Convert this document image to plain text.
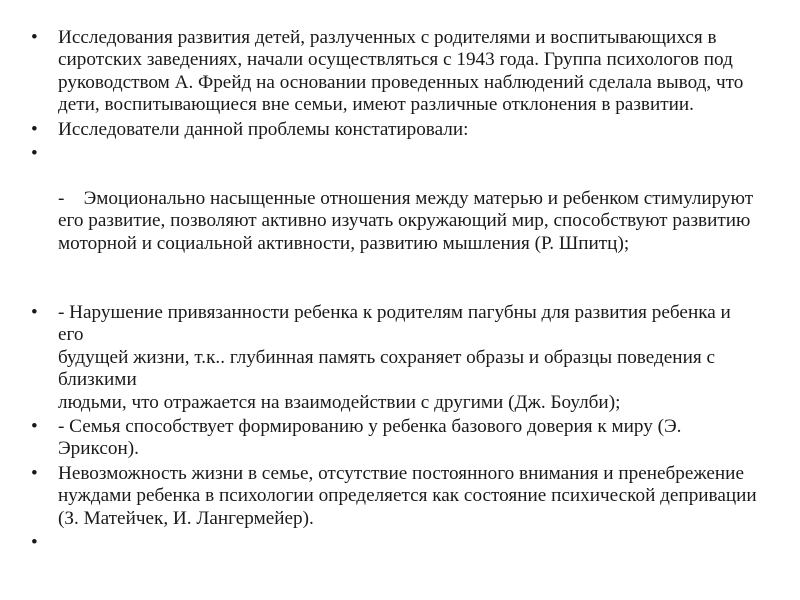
•	Исследования развития детей, разлученных с родителями и воспитывающихся в сиротских заведениях, начали осуществляться с 1943 года. Группа психологов под руководством А. Фрейд на основании проведенных наблюдений сделала вывод, что дети, воспитывающиеся вне семьи, имеют различные отклонения в развитии.
•	Исследователи данной проблемы констатировали:
•

-    Эмоционально насыщенные отношения между матерью и ребенком стимулируют его развитие, позволяют активно изучать окружающий мир, способствуют развитию моторной и социальной активности, развитию мышления (Р. Шпитц);

•	- Нарушение привязанности ребенка к родителям пагубны для развития ребенка и его
будущей жизни, т.к.. глубинная память сохраняет образы и образцы поведения с близкими
людьми, что отражается на взаимодействии с другими (Дж. Боулби);
•	- Семья способствует формированию у ребенка базового доверия к миру (Э. Эриксон).
•	Невозможность жизни в семье, отсутствие постоянного внимания и пренебрежение нуждами ребенка в психологии определяется как состояние психической депривации (З. Матейчек, И. Лангермейер).
•
